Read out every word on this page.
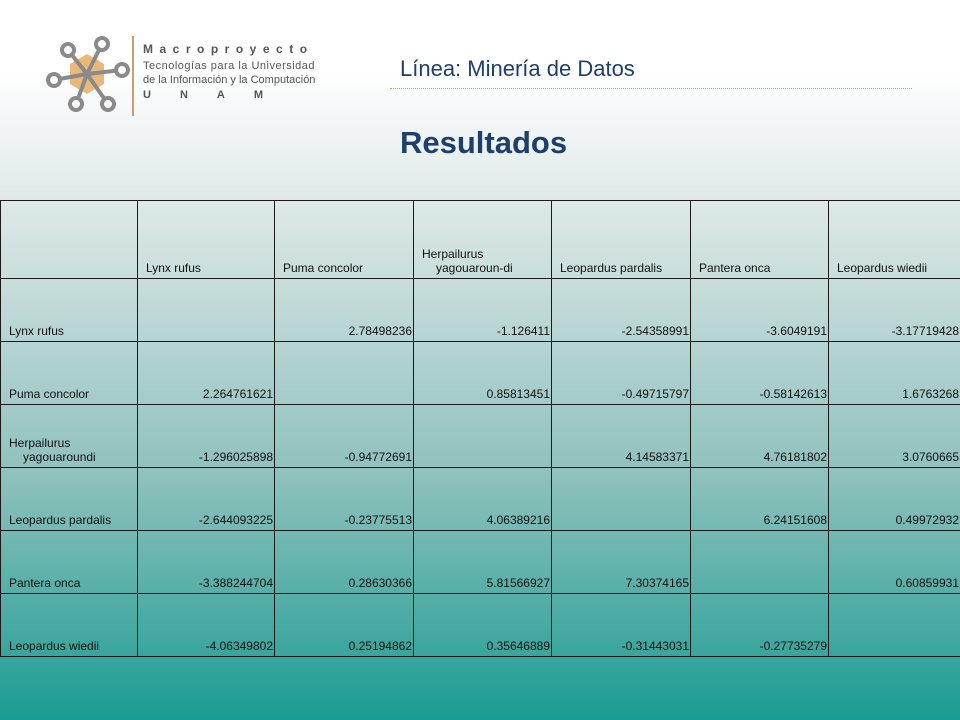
Macroproyecto
Tecnologías para la Universidad
de la Información y la Computación
UNAM
Línea: Minería de Datos
Resultados
	Lynx rufus	Puma concolor	Herpailurus yagouaroun-di	Leopardus pardalis	Pantera onca	Leopardus wiedii
Lynx rufus		2.78498236	-1.126411	-2.54358991	-3.6049191	-3.17719428
Puma concolor	2.264761621		0.85813451	-0.49715797	-0.58142613	1.6763268

Herpailurus yagouaroundi	-1.296025898	-0.94772691		4.14583371	4.76181802	3.0760665
Leopardus pardalis	-2.644093225	-0.23775513	4.06389216		6.24151608	0.49972932
Pantera onca	-3.388244704	0.28630366	5.81566927	7.30374165		0.60859931
Leopardus wiedii	-4.06349802	0.25194862	0.35646889	-0.31443031	-0.27735279	
